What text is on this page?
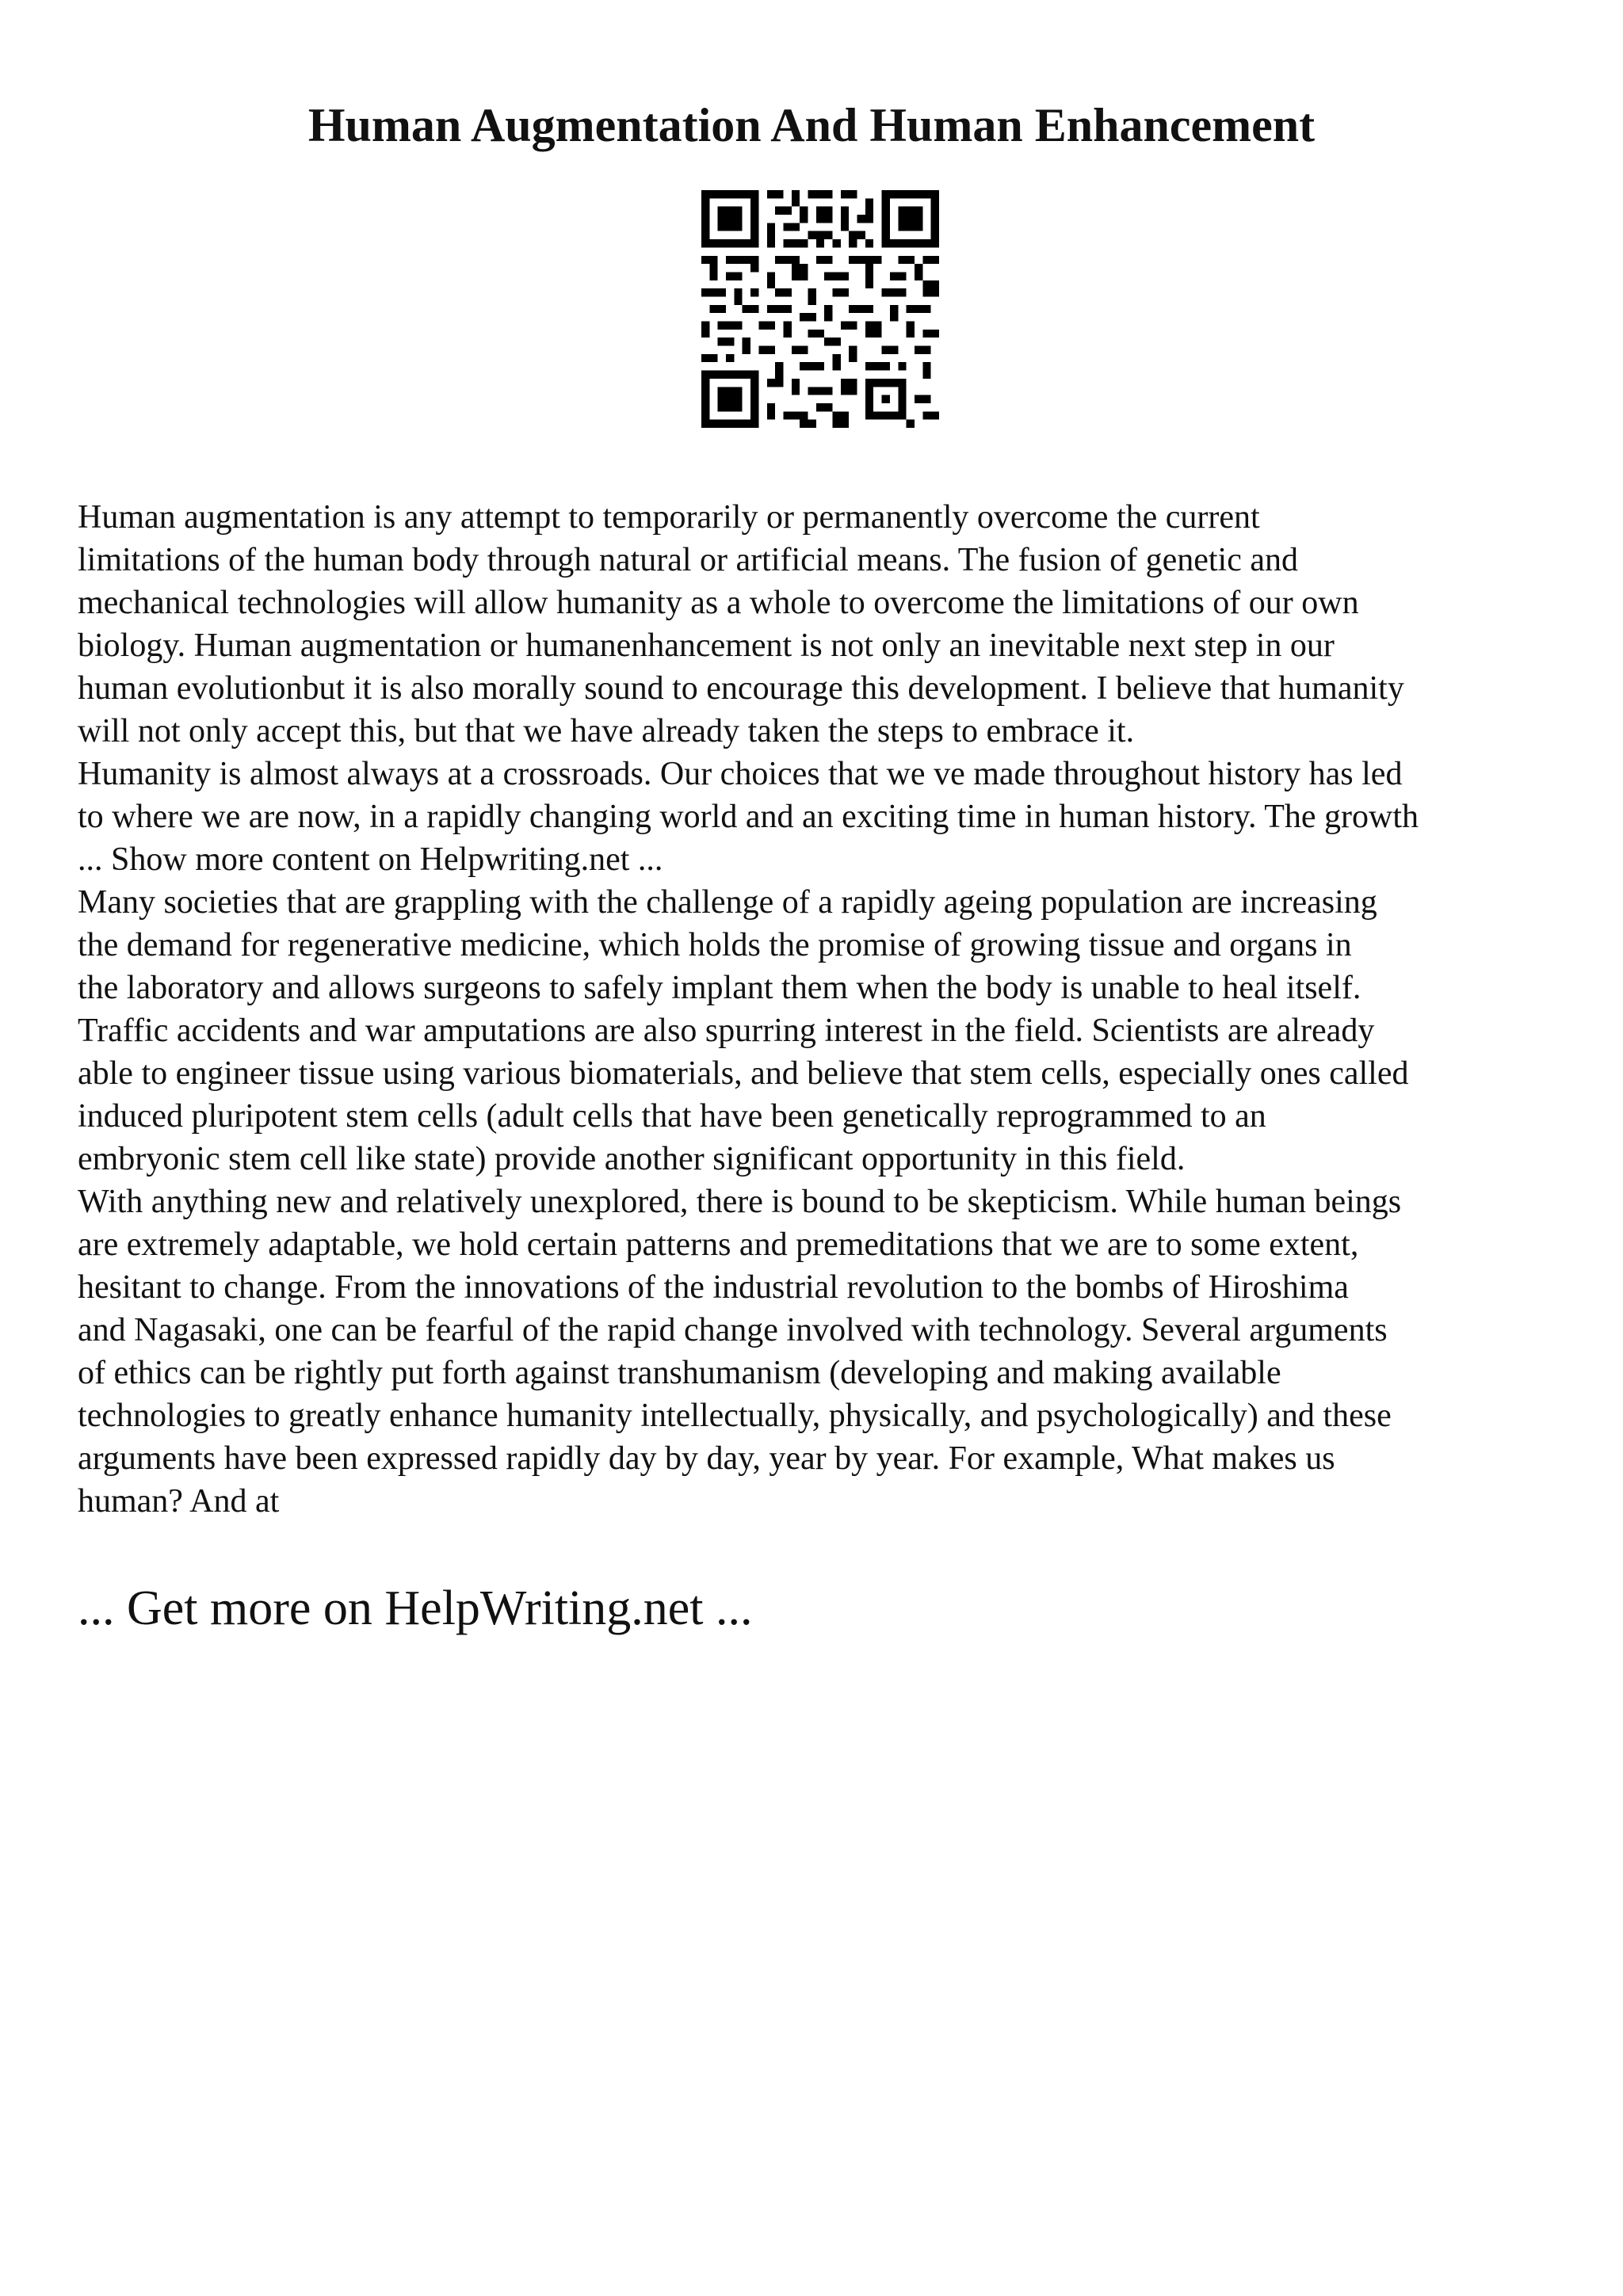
Human Augmentation And Human Enhancement
Human augmentation is any attempt to temporarily or permanently overcome the current
limitations of the human body through natural or artificial means. The fusion of genetic and
mechanical technologies will allow humanity as a whole to overcome the limitations of our own
biology. Human augmentation or humanenhancement is not only an inevitable next step in our
human evolutionbut it is also morally sound to encourage this development. I believe that humanity
will not only accept this, but that we have already taken the steps to embrace it.
Humanity is almost always at a crossroads. Our choices that we ve made throughout history has led
to where we are now, in a rapidly changing world and an exciting time in human history. The growth
... Show more content on Helpwriting.net ...
Many societies that are grappling with the challenge of a rapidly ageing population are increasing
the demand for regenerative medicine, which holds the promise of growing tissue and organs in
the laboratory and allows surgeons to safely implant them when the body is unable to heal itself.
Traffic accidents and war amputations are also spurring interest in the field. Scientists are already
able to engineer tissue using various biomaterials, and believe that stem cells, especially ones called
induced pluripotent stem cells (adult cells that have been genetically reprogrammed to an
embryonic stem cell like state) provide another significant opportunity in this field.
With anything new and relatively unexplored, there is bound to be skepticism. While human beings
are extremely adaptable, we hold certain patterns and premeditations that we are to some extent,
hesitant to change. From the innovations of the industrial revolution to the bombs of Hiroshima
and Nagasaki, one can be fearful of the rapid change involved with technology. Several arguments
of ethics can be rightly put forth against transhumanism (developing and making available
technologies to greatly enhance humanity intellectually, physically, and psychologically) and these
arguments have been expressed rapidly day by day, year by year. For example, What makes us
human? And at
... Get more on HelpWriting.net ...
